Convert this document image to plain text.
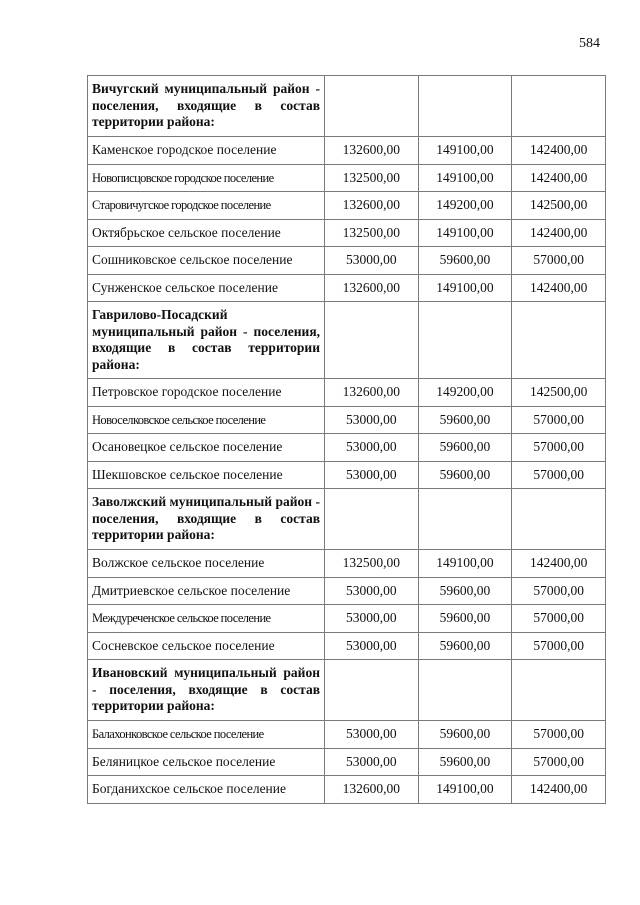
584
Вичугский муниципальный район - поселения, входящие в состав территории района:			
Каменское городское поселение	132600,00	149100,00	142400,00
Новописцовское городское поселение	132500,00	149100,00	142400,00
Старовичугское городское поселение	132600,00	149200,00	142500,00
Октябрьское сельское поселение	132500,00	149100,00	142400,00
Сошниковское сельское поселение	53000,00	59600,00	57000,00
Сунженское сельское поселение	132600,00	149100,00	142400,00
Гаврилово-Посадский муниципальный район - поселения, входящие в состав территории района:			
Петровское городское поселение	132600,00	149200,00	142500,00
Новоселковское сельское поселение	53000,00	59600,00	57000,00
Осановецкое сельское поселение	53000,00	59600,00	57000,00
Шекшовское сельское поселение	53000,00	59600,00	57000,00
Заволжский муниципальный район - поселения, входящие в состав территории района:			
Волжское сельское поселение	132500,00	149100,00	142400,00
Дмитриевское сельское поселение	53000,00	59600,00	57000,00
Междуреченское сельское поселение	53000,00	59600,00	57000,00
Сосневское сельское поселение	53000,00	59600,00	57000,00
Ивановский муниципальный район - поселения, входящие в состав территории района:			
Балахонковское сельское поселение	53000,00	59600,00	57000,00
Беляницкое сельское поселение	53000,00	59600,00	57000,00
Богданихское сельское поселение	132600,00	149100,00	142400,00
